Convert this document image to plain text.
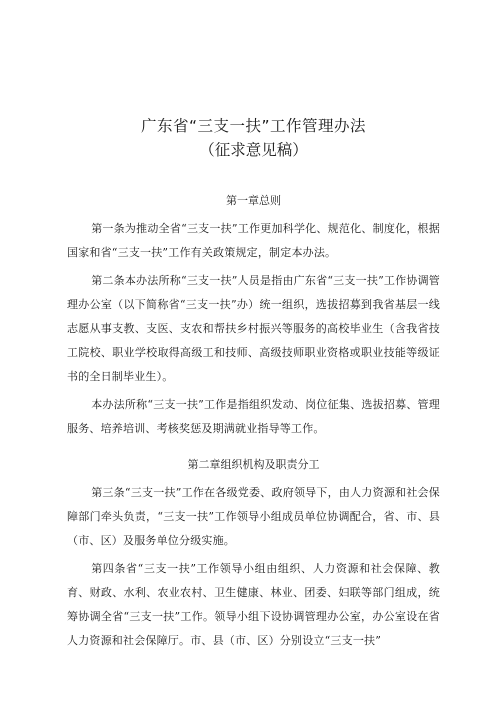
广东省“三支一扶”工作管理办法
（征求意见稿）
第一章总则

第一条为推动全省“三支一扶”工作更加科学化、规范化、制度化，根据国家和省“三支一扶”工作有关政策规定，制定本办法。

第二条本办法所称“三支一扶”人员是指由广东省“三支一扶”工作协调管理办公室（以下简称省“三支一扶”办）统一组织，选拔招募到我省基层一线志愿从事支教、支医、支农和帮扶乡村振兴等服务的高校毕业生（含我省技工院校、职业学校取得高级工和技师、高级技师职业资格或职业技能等级证书的全日制毕业生）。

本办法所称“三支一扶”工作是指组织发动、岗位征集、选拔招募、管理服务、培养培训、考核奖惩及期满就业指导等工作。

第二章组织机构及职责分工

第三条“三支一扶”工作在各级党委、政府领导下，由人力资源和社会保障部门牵头负责，“三支一扶”工作领导小组成员单位协调配合，省、市、县（市、区）及服务单位分级实施。

第四条省“三支一扶”工作领导小组由组织、人力资源和社会保障、教育、财政、水利、农业农村、卫生健康、林业、团委、妇联等部门组成，统筹协调全省“三支一扶”工作。领导小组下设协调管理办公室，办公室设在省人力资源和社会保障厅。市、县（市、区）分别设立“三支一扶”
